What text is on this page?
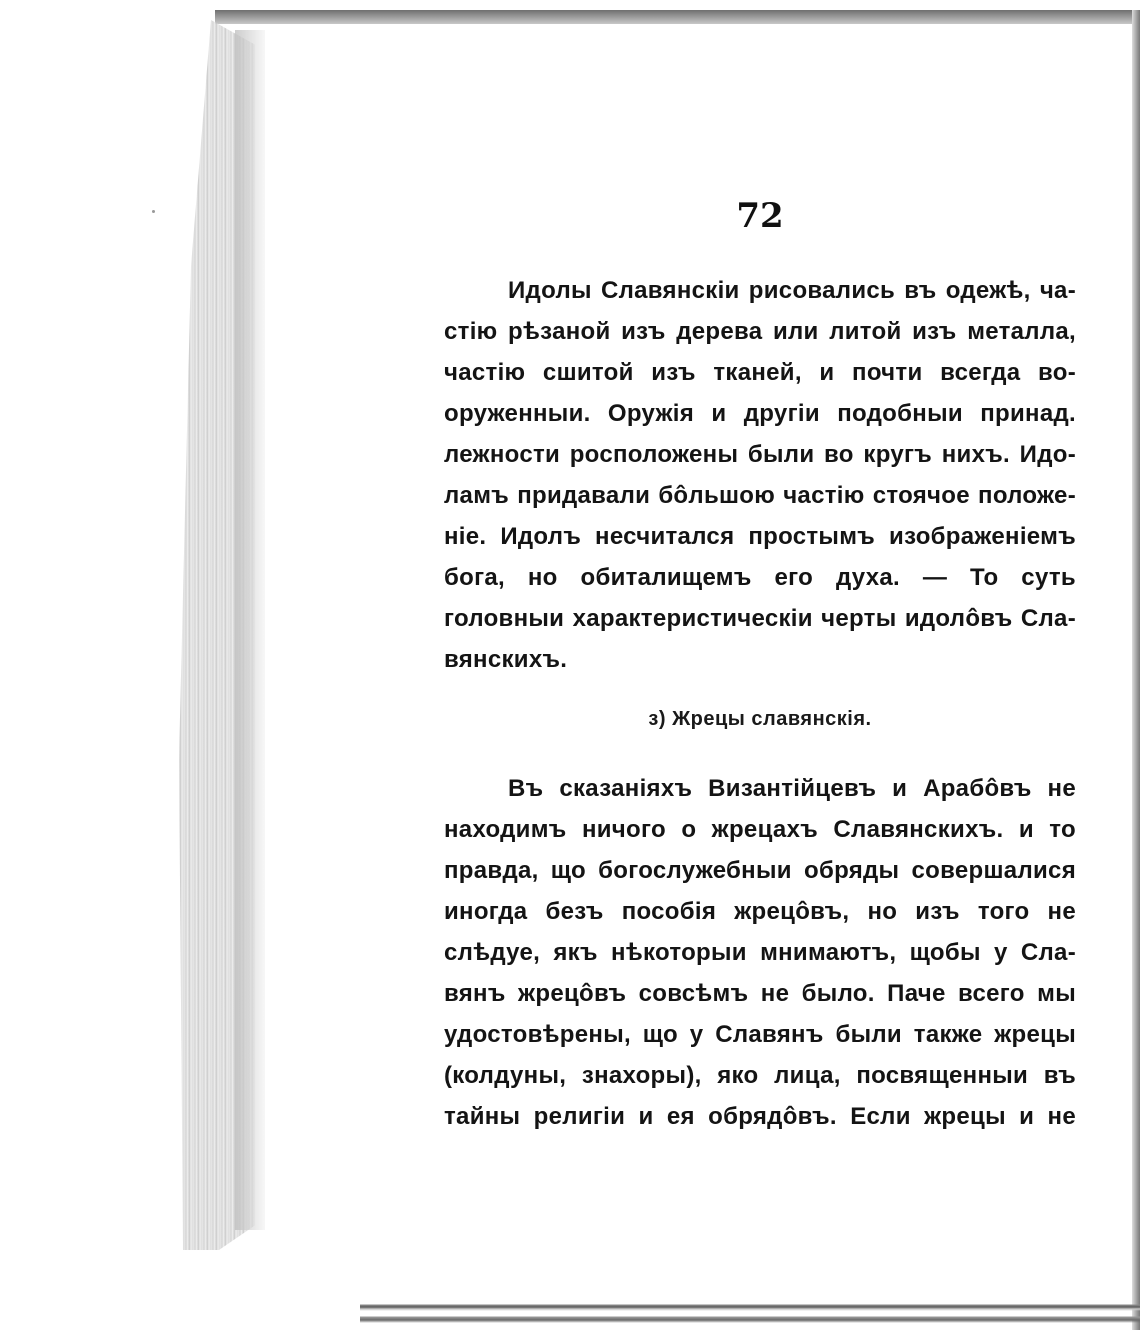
72
Идолы Славянскіи рисовались въ одежѣ, ча-
стію рѣзаной изъ дерева или литой изъ металла,
частію сшитой изъ тканей, и почти всегда во-
оруженныи. Оружія и другіи подобныи принад.
лежности росположены были во кругъ нихъ. Идо-
ламъ придавали бôльшою частію стоячое положе-
ніе. Идолъ несчитался простымъ изображеніемъ
бога, но обиталищемъ его духа. — То суть
головныи характеристическіи черты идолôвъ Сла-
вянскихъ.
з) Жрецы славянскія.
Въ сказаніяхъ Византійцевъ и Арабôвъ не
находимъ ничого о жрецахъ Славянскихъ. и то
правда, що богослужебныи обряды совершалися
иногда безъ пособія жрецôвъ, но изъ того не
слѣдуе, якъ нѣкоторыи мнимаютъ, щобы у Сла-
вянъ жрецôвъ совсѣмъ не было. Паче всего мы
удостовѣрены, що у Славянъ были также жрецы
(колдуны, знахоры), яко лица, посвященныи въ
тайны религіи и ея обрядôвъ. Если жрецы и не
